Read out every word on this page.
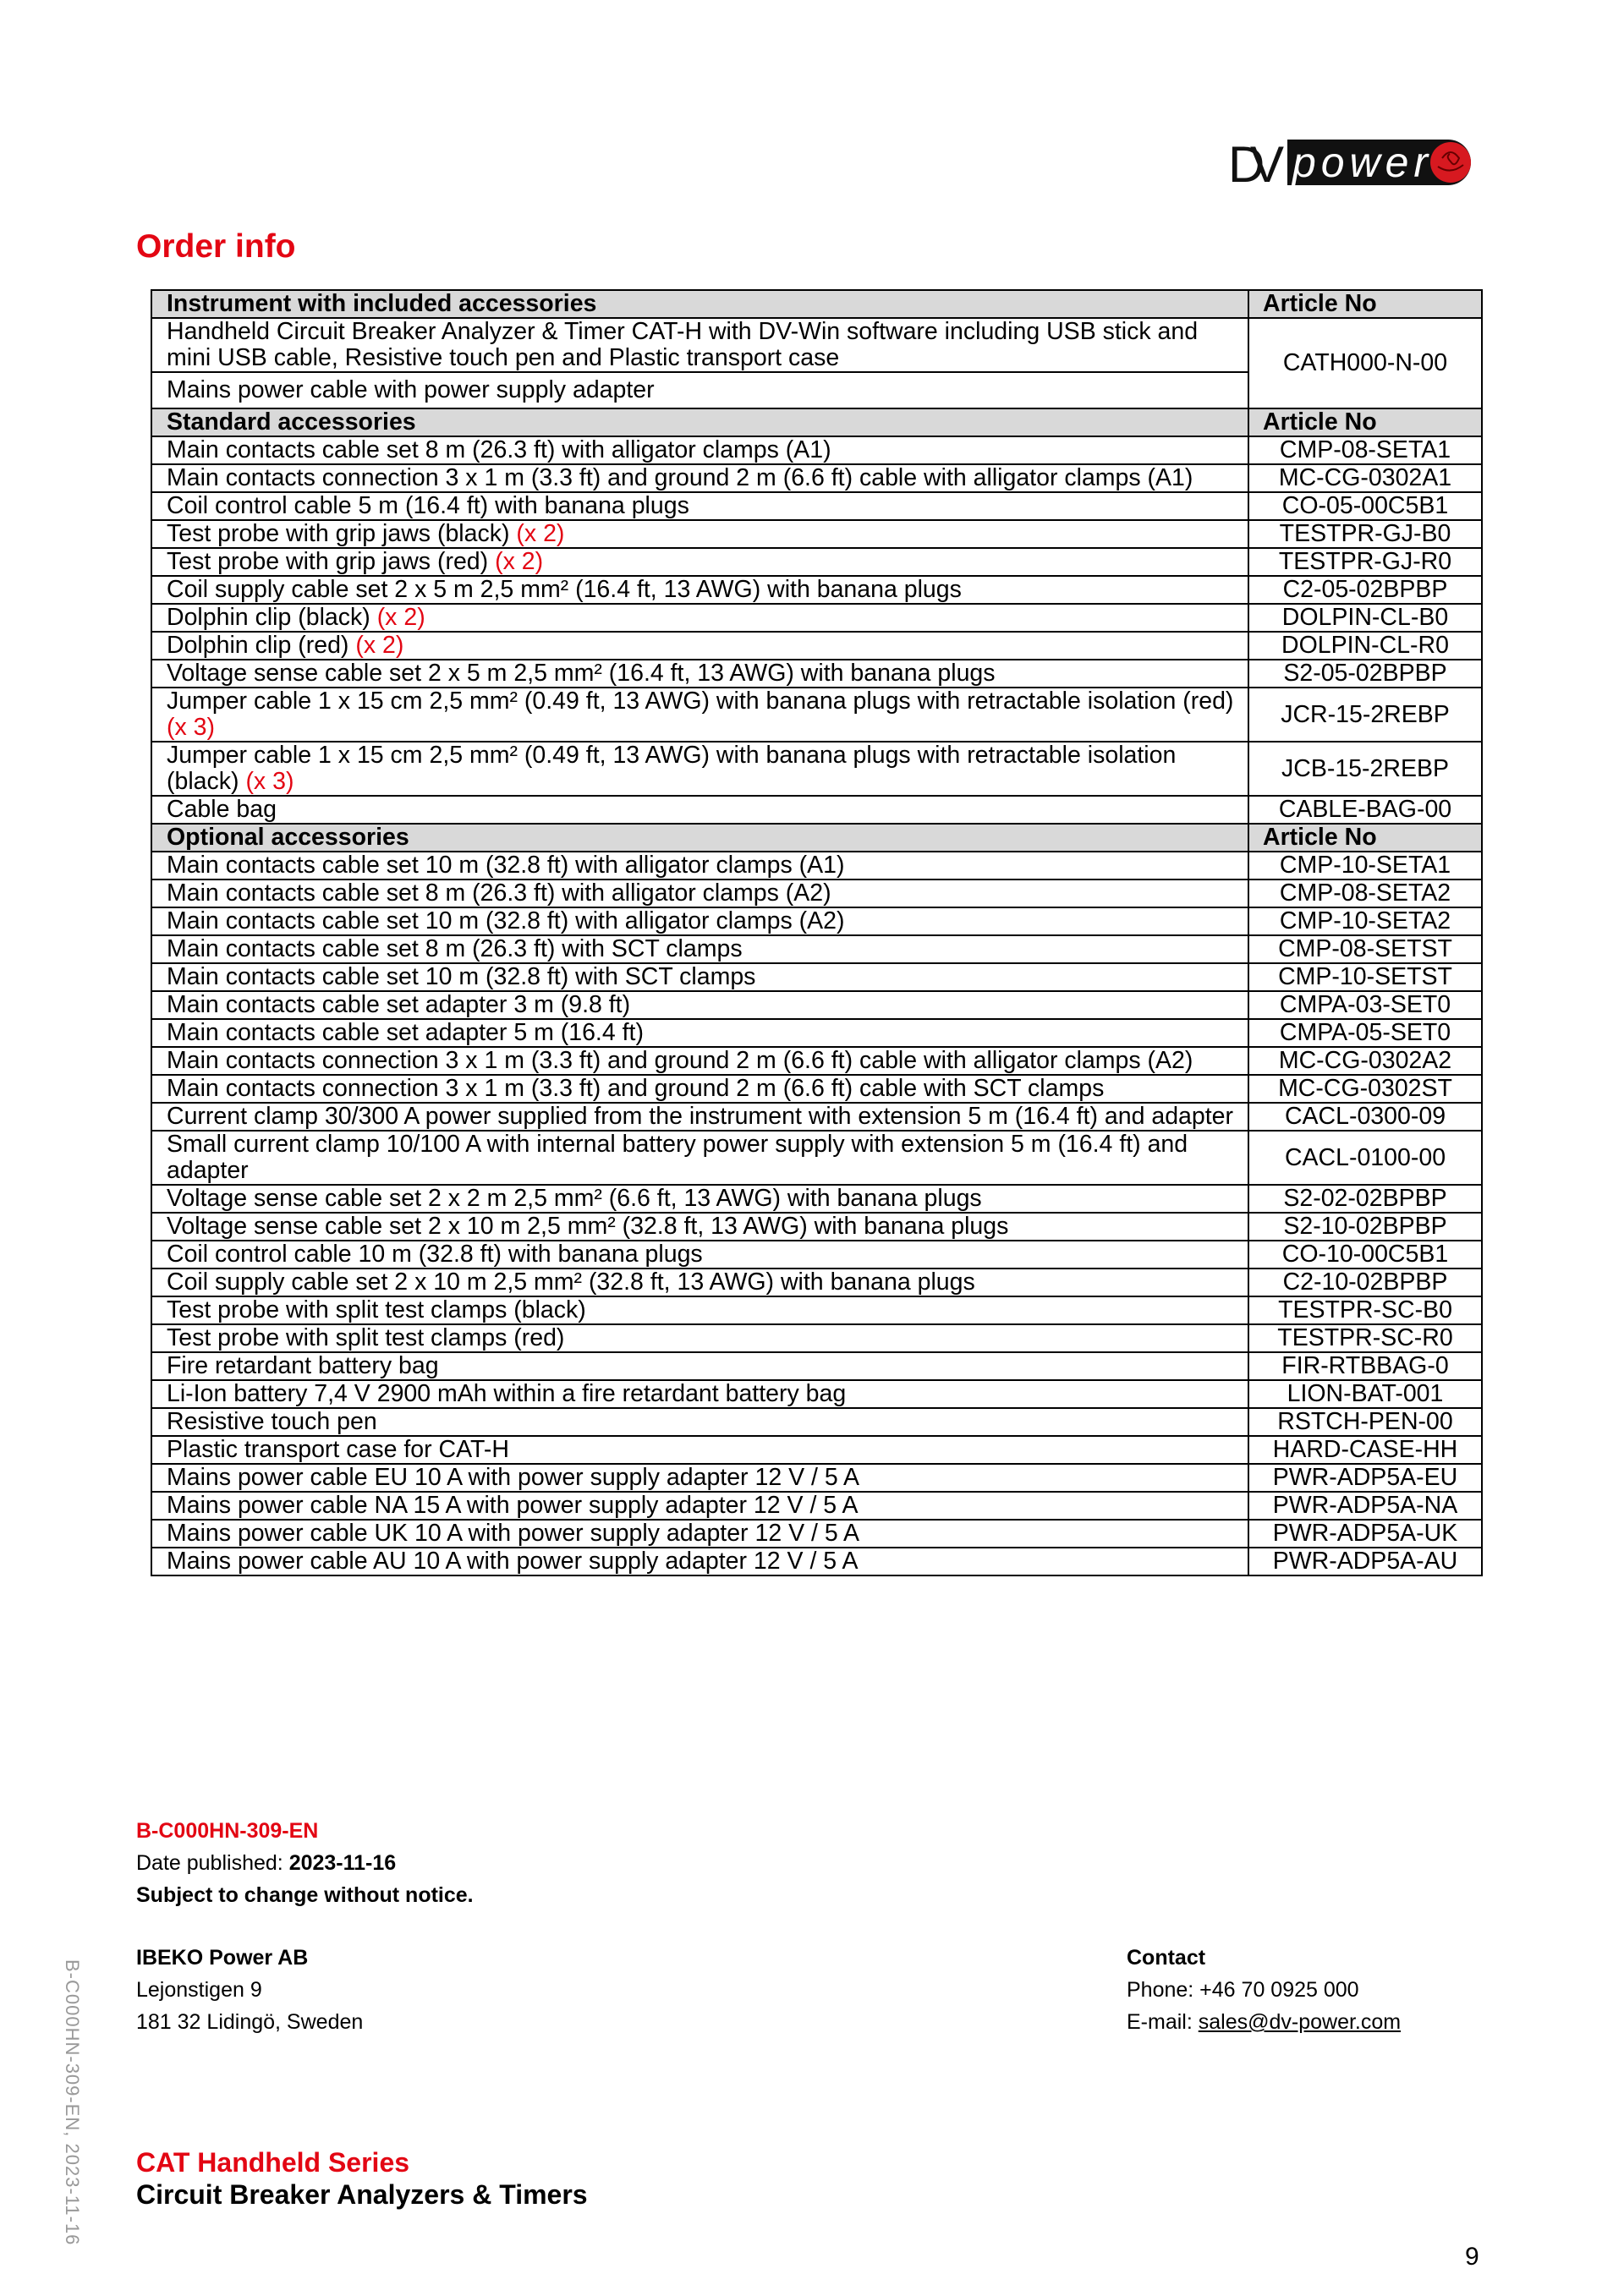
DV power
Order info
Instrument with included accessories	Article No
Handheld Circuit Breaker Analyzer & Timer CAT-H with DV-Win software including USB stick and mini USB cable, Resistive touch pen and Plastic transport case	CATH000-N-00
Mains power cable with power supply adapter	
Standard accessories	Article No
Main contacts cable set 8 m (26.3 ft) with alligator clamps (A1)	CMP-08-SETA1
Main contacts connection 3 x 1 m (3.3 ft) and ground 2 m (6.6 ft) cable with alligator clamps (A1)	MC-CG-0302A1
Coil control cable 5 m (16.4 ft) with banana plugs	CO-05-00C5B1
Test probe with grip jaws (black) (x 2)	TESTPR-GJ-B0
Test probe with grip jaws (red) (x 2)	TESTPR-GJ-R0
Coil supply cable set 2 x 5 m 2,5 mm² (16.4 ft, 13 AWG) with banana plugs	C2-05-02BPBP
Dolphin clip (black) (x 2)	DOLPIN-CL-B0
Dolphin clip (red) (x 2)	DOLPIN-CL-R0
Voltage sense cable set 2 x 5 m 2,5 mm² (16.4 ft, 13 AWG) with banana plugs	S2-05-02BPBP
Jumper cable 1 x 15 cm 2,5 mm² (0.49 ft, 13 AWG) with banana plugs with retractable isolation (red) (x 3)	JCR-15-2REBP
Jumper cable 1 x 15 cm 2,5 mm² (0.49 ft, 13 AWG) with banana plugs with retractable isolation (black) (x 3)	JCB-15-2REBP
Cable bag	CABLE-BAG-00
Optional accessories	Article No
Main contacts cable set 10 m (32.8 ft) with alligator clamps (A1)	CMP-10-SETA1
Main contacts cable set 8 m (26.3 ft) with alligator clamps (A2)	CMP-08-SETA2
Main contacts cable set 10 m (32.8 ft) with alligator clamps (A2)	CMP-10-SETA2
Main contacts cable set 8 m (26.3 ft) with SCT clamps	CMP-08-SETST
Main contacts cable set 10 m (32.8 ft) with SCT clamps	CMP-10-SETST
Main contacts cable set adapter 3 m (9.8 ft)	CMPA-03-SET0
Main contacts cable set adapter 5 m (16.4 ft)	CMPA-05-SET0
Main contacts connection 3 x 1 m (3.3 ft) and ground 2 m (6.6 ft) cable with alligator clamps (A2)	MC-CG-0302A2
Main contacts connection 3 x 1 m (3.3 ft) and ground 2 m (6.6 ft) cable with SCT clamps	MC-CG-0302ST
Current clamp 30/300 A power supplied from the instrument with extension 5 m (16.4 ft) and adapter	CACL-0300-09
Small current clamp 10/100 A with internal battery power supply with extension 5 m (16.4 ft) and adapter	CACL-0100-00
Voltage sense cable set 2 x 2 m 2,5 mm² (6.6 ft, 13 AWG) with banana plugs	S2-02-02BPBP
Voltage sense cable set 2 x 10 m 2,5 mm² (32.8 ft, 13 AWG) with banana plugs	S2-10-02BPBP
Coil control cable 10 m (32.8 ft) with banana plugs	CO-10-00C5B1
Coil supply cable set 2 x 10 m 2,5 mm² (32.8 ft, 13 AWG) with banana plugs	C2-10-02BPBP
Test probe with split test clamps (black)	TESTPR-SC-B0
Test probe with split test clamps (red)	TESTPR-SC-R0
Fire retardant battery bag	FIR-RTBBAG-0
Li-Ion battery 7,4 V 2900 mAh within a fire retardant battery bag	LION-BAT-001
Resistive touch pen	RSTCH-PEN-00
Plastic transport case for CAT-H	HARD-CASE-HH
Mains power cable EU 10 A with power supply adapter 12 V / 5 A	PWR-ADP5A-EU
Mains power cable NA 15 A with power supply adapter 12 V / 5 A	PWR-ADP5A-NA
Mains power cable UK 10 A with power supply adapter 12 V / 5 A	PWR-ADP5A-UK
Mains power cable AU 10 A with power supply adapter 12 V / 5 A	PWR-ADP5A-AU
B-C000HN-309-EN
Date published: 2023-11-16
Subject to change without notice.
IBEKO Power AB
Lejonstigen 9
181 32 Lidingö, Sweden
Contact
Phone: +46 70 0925 000
E-mail: sales@dv-power.com
CAT Handheld Series
Circuit Breaker Analyzers & Timers
9
B-C000HN-309-EN, 2023-11-16
